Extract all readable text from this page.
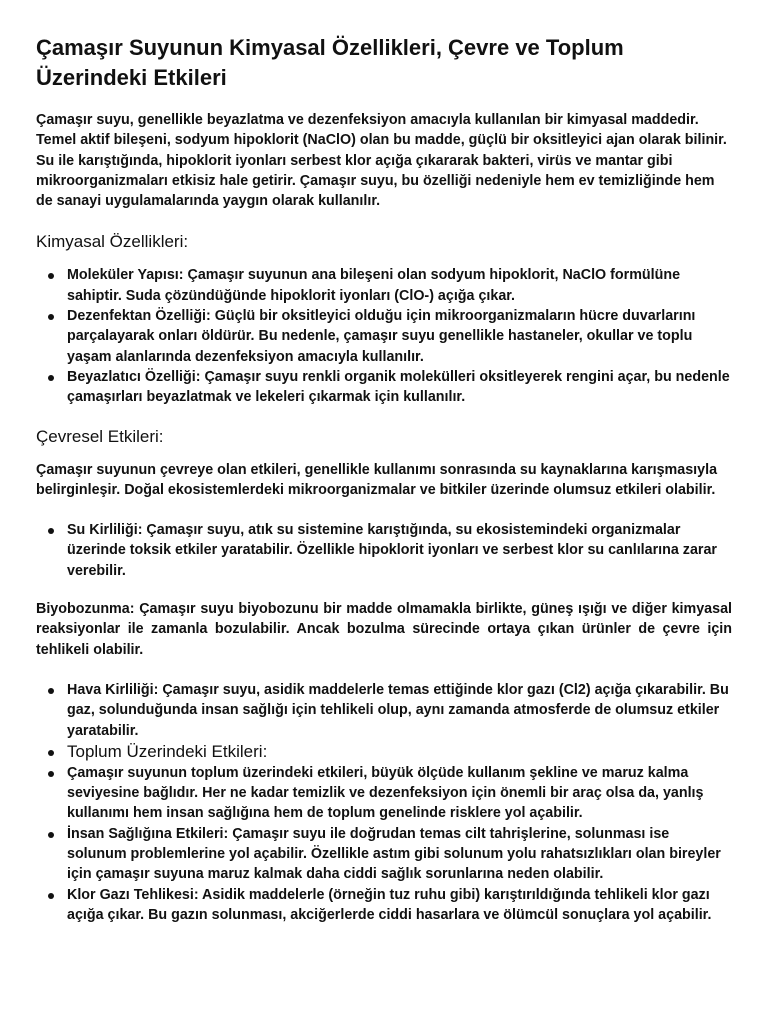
Çamaşır Suyunun Kimyasal Özellikleri, Çevre ve Toplum Üzerindeki Etkileri

Çamaşır suyu, genellikle beyazlatma ve dezenfeksiyon amacıyla kullanılan bir kimyasal maddedir. Temel aktif bileşeni, sodyum hipoklorit (NaClO) olan bu madde, güçlü bir oksitleyici ajan olarak bilinir. Su ile karıştığında, hipoklorit iyonları serbest klor açığa çıkararak bakteri, virüs ve mantar gibi mikroorganizmaları etkisiz hale getirir. Çamaşır suyu, bu özelliği nedeniyle hem ev temizliğinde hem de sanayi uygulamalarında yaygın olarak kullanılır.

Kimyasal Özellikleri:
Moleküler Yapısı: Çamaşır suyunun ana bileşeni olan sodyum hipoklorit, NaClO formülüne sahiptir. Suda çözündüğünde hipoklorit iyonları (ClO-) açığa çıkar.
Dezenfektan Özelliği: Güçlü bir oksitleyici olduğu için mikroorganizmaların hücre duvarlarını parçalayarak onları öldürür. Bu nedenle, çamaşır suyu genellikle hastaneler, okullar ve toplu yaşam alanlarında dezenfeksiyon amacıyla kullanılır.
Beyazlatıcı Özelliği: Çamaşır suyu renkli organik molekülleri oksitleyerek rengini açar, bu nedenle çamaşırları beyazlatmak ve lekeleri çıkarmak için kullanılır.
Çevresel Etkileri:

Çamaşır suyunun çevreye olan etkileri, genellikle kullanımı sonrasında su kaynaklarına karışmasıyla belirginleşir. Doğal ekosistemlerdeki mikroorganizmalar ve bitkiler üzerinde olumsuz etkileri olabilir.

Su Kirliliği: Çamaşır suyu, atık su sistemine karıştığında, su ekosistemindeki organizmalar üzerinde toksik etkiler yaratabilir. Özellikle hipoklorit iyonları ve serbest klor su canlılarına zarar verebilir.

Biyobozunma: Çamaşır suyu biyobozunu bir madde olmamakla birlikte, güneş ışığı ve diğer kimyasal reaksiyonlar ile zamanla bozulabilir. Ancak bozulma sürecinde ortaya çıkan ürünler de çevre için tehlikeli olabilir.

Hava Kirliliği: Çamaşır suyu, asidik maddelerle temas ettiğinde klor gazı (Cl2) açığa çıkarabilir. Bu gaz, solunduğunda insan sağlığı için tehlikeli olup, aynı zamanda atmosferde de olumsuz etkiler yaratabilir.
Toplum Üzerindeki Etkileri:
Çamaşır suyunun toplum üzerindeki etkileri, büyük ölçüde kullanım şekline ve maruz kalma seviyesine bağlıdır. Her ne kadar temizlik ve dezenfeksiyon için önemli bir araç olsa da, yanlış kullanımı hem insan sağlığına hem de toplum genelinde risklere yol açabilir.
İnsan Sağlığına Etkileri: Çamaşır suyu ile doğrudan temas cilt tahrişlerine, solunması ise solunum problemlerine yol açabilir. Özellikle astım gibi solunum yolu rahatsızlıkları olan bireyler için çamaşır suyuna maruz kalmak daha ciddi sağlık sorunlarına neden olabilir.
Klor Gazı Tehlikesi: Asidik maddelerle (örneğin tuz ruhu gibi) karıştırıldığında tehlikeli klor gazı açığa çıkar. Bu gazın solunması, akciğerlerde ciddi hasarlara ve ölümcül sonuçlara yol açabilir.
